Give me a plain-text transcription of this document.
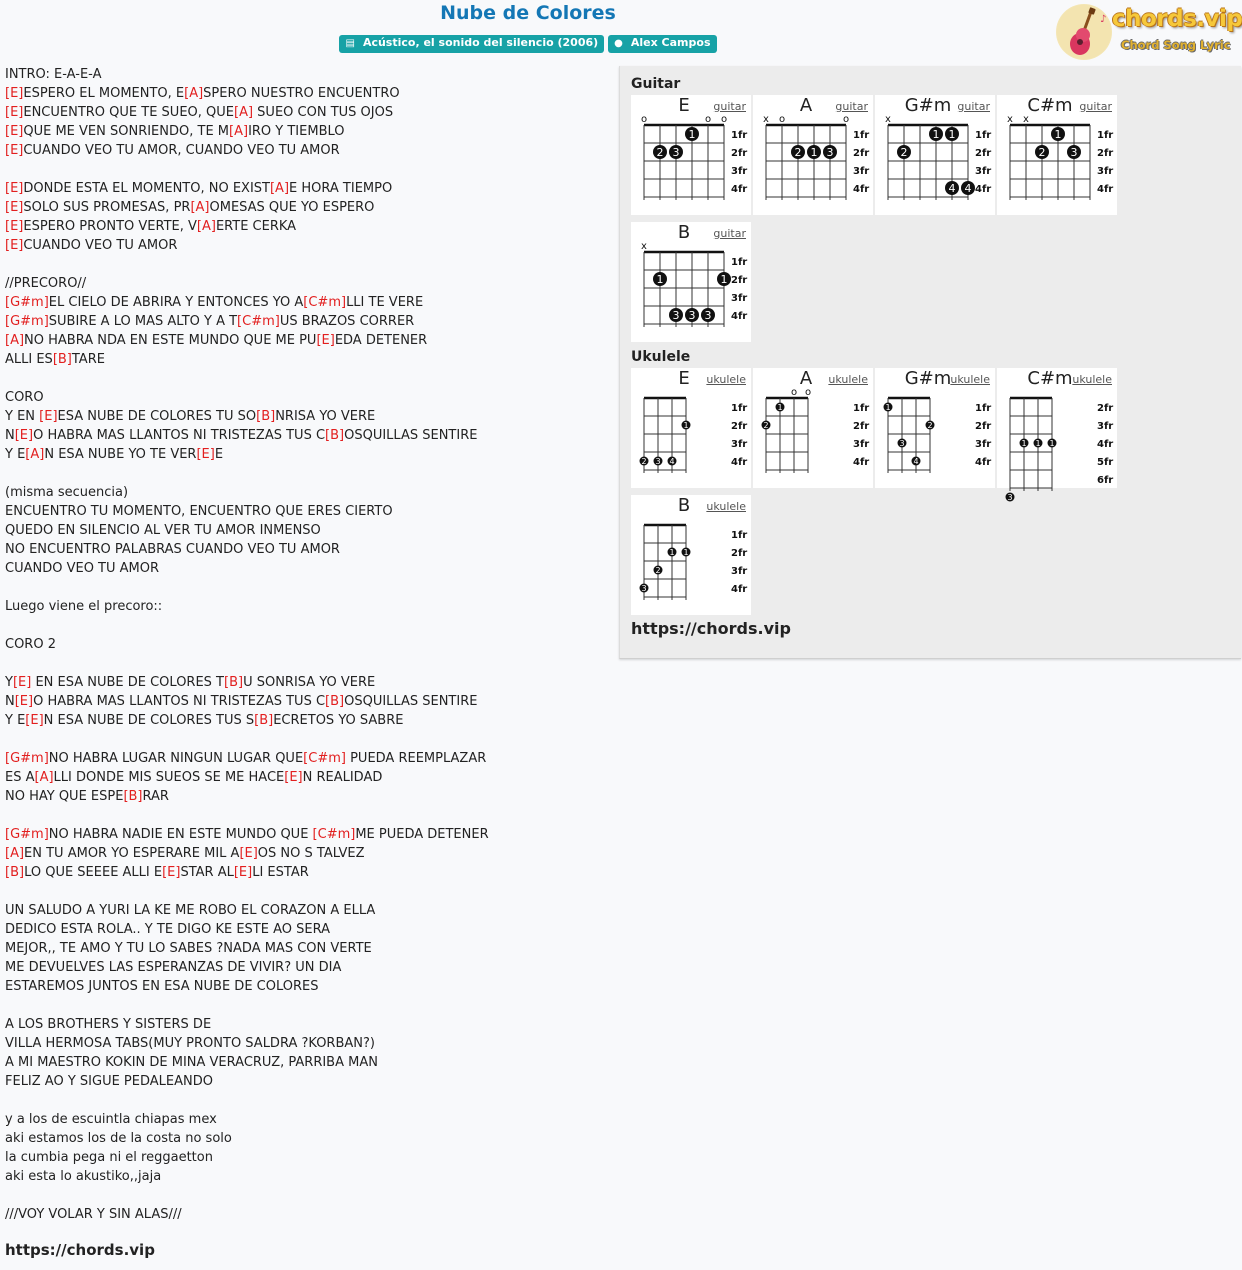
Nube de Colores
▤ Acústico, el sonido del silencio (2006) ● Alex Campos
♪ chords.vip
Chord Song Lyric
INTRO: E-A-E-A
[E]ESPERO EL MOMENTO, E[A]SPERO NUESTRO ENCUENTRO
[E]ENCUENTRO QUE TE SUEO, QUE[A] SUEO CON TUS OJOS
[E]QUE ME VEN SONRIENDO, TE M[A]IRO Y TIEMBLO
[E]CUANDO VEO TU AMOR, CUANDO VEO TU AMOR
[E]DONDE ESTA EL MOMENTO, NO EXIST[A]E HORA TIEMPO
[E]SOLO SUS PROMESAS, PR[A]OMESAS QUE YO ESPERO
[E]ESPERO PRONTO VERTE, V[A]ERTE CERKA
[E]CUANDO VEO TU AMOR
//PRECORO//
[G#m]EL CIELO DE ABRIRA Y ENTONCES YO A[C#m]LLI TE VERE
[G#m]SUBIRE A LO MAS ALTO Y A T[C#m]US BRAZOS CORRER
[A]NO HABRA NDA EN ESTE MUNDO QUE ME PU[E]EDA DETENER
ALLI ES[B]TARE
CORO
Y EN [E]ESA NUBE DE COLORES TU SO[B]NRISA YO VERE
N[E]O HABRA MAS LLANTOS NI TRISTEZAS TUS C[B]OSQUILLAS SENTIRE
Y E[A]N ESA NUBE YO TE VER[E]E
(misma secuencia)
ENCUENTRO TU MOMENTO, ENCUENTRO QUE ERES CIERTO
QUEDO EN SILENCIO AL VER TU AMOR INMENSO
NO ENCUENTRO PALABRAS CUANDO VEO TU AMOR
CUANDO VEO TU AMOR
Luego viene el precoro::
CORO 2
Y[E] EN ESA NUBE DE COLORES T[B]U SONRISA YO VERE
N[E]O HABRA MAS LLANTOS NI TRISTEZAS TUS C[B]OSQUILLAS SENTIRE
Y E[E]N ESA NUBE DE COLORES TUS S[B]ECRETOS YO SABRE
[G#m]NO HABRA LUGAR NINGUN LUGAR QUE[C#m] PUEDA REEMPLAZAR
ES A[A]LLI DONDE MIS SUEOS SE ME HACE[E]N REALIDAD
NO HAY QUE ESPE[B]RAR
[G#m]NO HABRA NADIE EN ESTE MUNDO QUE [C#m]ME PUEDA DETENER
[A]EN TU AMOR YO ESPERARE MIL A[E]OS NO S TALVEZ
[B]LO QUE SEEEE ALLI E[E]STAR AL[E]LI ESTAR
UN SALUDO A YURI LA KE ME ROBO EL CORAZON A ELLA
DEDICO ESTA ROLA.. Y TE DIGO KE ESTE AO SERA
MEJOR,, TE AMO Y TU LO SABES ?NADA MAS CON VERTE
ME DEVUELVES LAS ESPERANZAS DE VIVIR? UN DIA
ESTAREMOS JUNTOS EN ESA NUBE DE COLORES
A LOS BROTHERS Y SISTERS DE
VILLA HERMOSA TABS(MUY PRONTO SALDRA ?KORBAN?)
A MI MAESTRO KOKIN DE MINA VERACRUZ, PARRIBA MAN
FELIZ AO Y SIGUE PEDALEANDO
y a los de escuintla chiapas mex
aki estamos los de la costa no solo
la cumbia pega ni el reggaetton
aki esta lo akustiko,,jaja
///VOY VOLAR Y SIN ALAS///
https://chords.vip
Guitar
Ukulele
https://chords.vip
E	guitar
o	o o
1fr
2fr
3fr
4fr
1
2 3
A	guitar
x o	o
1fr
2fr
3fr
4fr
2 1 3
G#m guitar
x
1fr
2fr
3fr
4fr
1 1
2
4 4
C#m guitar
x x
1fr
2fr
3fr
4fr
1
2 3
B	guitar
x
1fr
2fr
3fr
4fr
1	1
3 3 3
E	ukulele
1fr
2fr
3fr
4fr
1
2 3 4
A	ukulele
o o
1fr
2fr
3fr
4fr
1
2
G#m ukulele
1fr
2fr
3fr
4fr
1
2
3
4
C#m ukulele
2fr
3fr
4fr
5fr
6fr
1 1 1
3
B	ukulele
1fr
2fr
3fr
4fr
1 1
2
3
